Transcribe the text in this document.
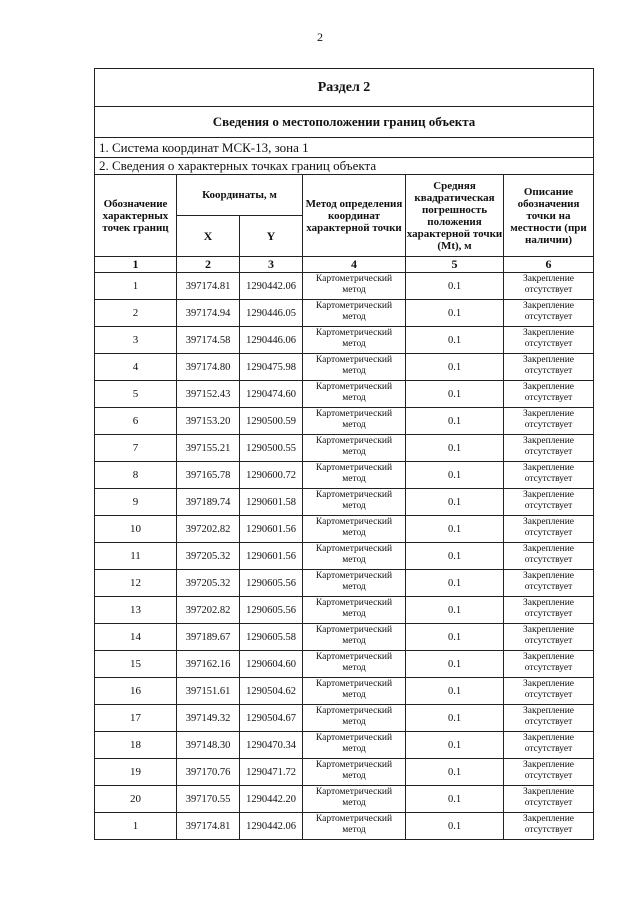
2
Раздел 2					
Сведения о местоположении границ объекта					
1. Система координат МСК-13, зона 1					
2. Сведения о характерных точках границ объекта					
Обозначение характерных точек границ	Координаты, м		Метод определения координат характерной точки	Средняя квадратическая погрешность положения характерной точки (Mt), м	Описание обозначения точки на местности (при наличии)
	X	Y			
1	2	3	4	5	6
1	397174.81	1290442.06	Картометрический метод	0.1	Закрепление отсутствует
2	397174.94	1290446.05	Картометрический метод	0.1	Закрепление отсутствует
3	397174.58	1290446.06	Картометрический метод	0.1	Закрепление отсутствует
4	397174.80	1290475.98	Картометрический метод	0.1	Закрепление отсутствует
5	397152.43	1290474.60	Картометрический метод	0.1	Закрепление отсутствует
6	397153.20	1290500.59	Картометрический метод	0.1	Закрепление отсутствует
7	397155.21	1290500.55	Картометрический метод	0.1	Закрепление отсутствует
8	397165.78	1290600.72	Картометрический метод	0.1	Закрепление отсутствует
9	397189.74	1290601.58	Картометрический метод	0.1	Закрепление отсутствует
10	397202.82	1290601.56	Картометрический метод	0.1	Закрепление отсутствует
11	397205.32	1290601.56	Картометрический метод	0.1	Закрепление отсутствует
12	397205.32	1290605.56	Картометрический метод	0.1	Закрепление отсутствует
13	397202.82	1290605.56	Картометрический метод	0.1	Закрепление отсутствует
14	397189.67	1290605.58	Картометрический метод	0.1	Закрепление отсутствует
15	397162.16	1290604.60	Картометрический метод	0.1	Закрепление отсутствует
16	397151.61	1290504.62	Картометрический метод	0.1	Закрепление отсутствует
17	397149.32	1290504.67	Картометрический метод	0.1	Закрепление отсутствует
18	397148.30	1290470.34	Картометрический метод	0.1	Закрепление отсутствует
19	397170.76	1290471.72	Картометрический метод	0.1	Закрепление отсутствует
20	397170.55	1290442.20	Картометрический метод	0.1	Закрепление отсутствует
1	397174.81	1290442.06	Картометрический метод	0.1	Закрепление отсутствует
